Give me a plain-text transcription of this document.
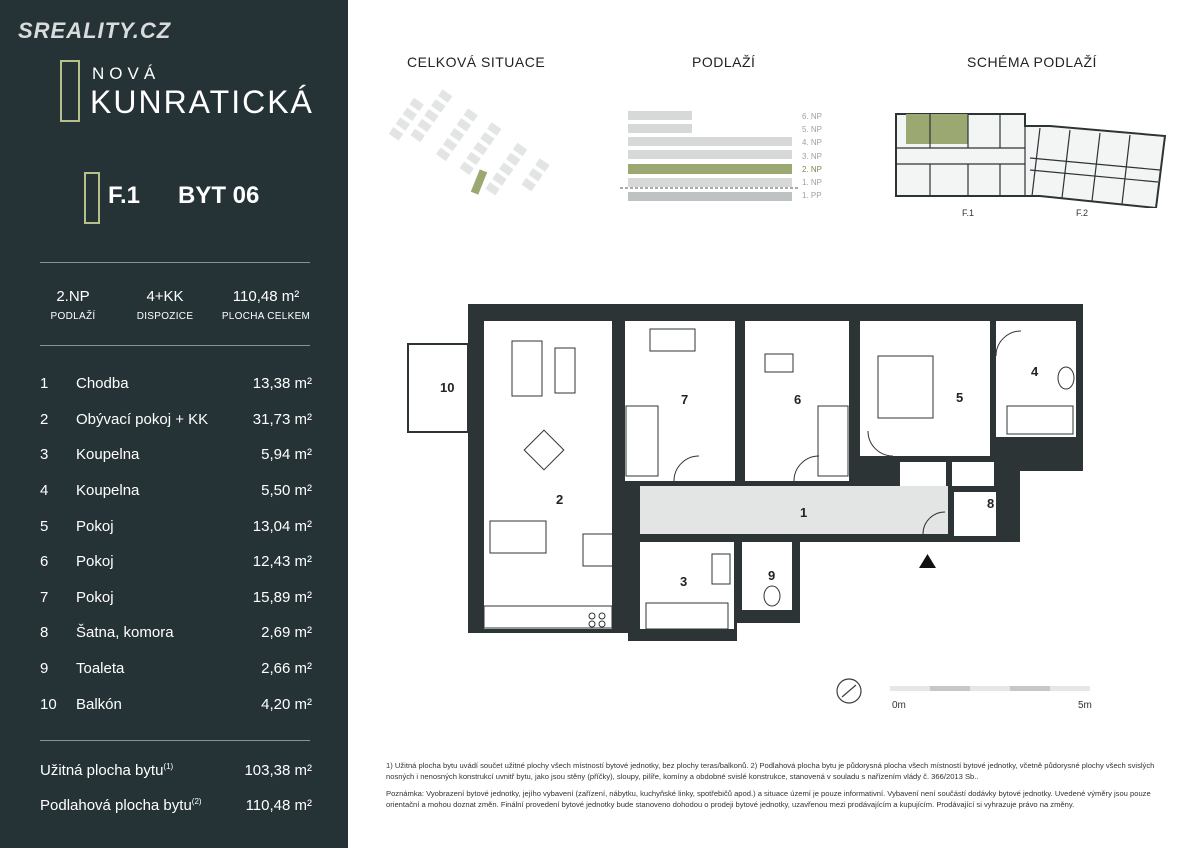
SREALITY.CZ
NOVÁ
KUNRATICKÁ
F.1 BYT 06
2.NP
PODLAŽÍ
4+KK
DISPOZICE
110,48 m²
PLOCHA CELKEM
1	Chodba	13,38 m²
2	Obývací pokoj + KK	31,73 m²
3	Koupelna	5,94 m²
4	Koupelna	5,50 m²
5	Pokoj	13,04 m²
6	Pokoj	12,43 m²
7	Pokoj	15,89 m²
8	Šatna, komora	2,69 m²
9	Toaleta	2,66 m²
10	Balkón	4,20 m²
Užitná plocha bytu$^{(1)}$	103,38 m²
Podlahová plocha bytu$^{(2)}$	110,48 m²
CELKOVÁ SITUACE	PODLAŽÍ	SCHÉMA PODLAŽÍ
6. NP
5. NP
4. NP
3. NP
2. NP
1. NP
1. PP
F.1	F.2
10
2
7	6	5
4
1
8
3	9
0m	5m

1) Užitná plocha bytu uvádí součet užitné plochy všech místností bytové jednotky, bez plochy teras/balkonů. 2) Podlahová plocha bytu je půdorysná plocha všech místností bytové jednotky, včetně půdorysné plochy všech svislých nosných i nenosných konstrukcí uvnitř bytu, jako jsou stěny (příčky), sloupy, pilíře, komíny a obdobné svislé konstrukce, stanovená v souladu s nařízením vlády č. 366/2013 Sb..

Poznámka: Vyobrazení bytové jednotky, jejího vybavení (zařízení, nábytku, kuchyňské linky, spotřebičů apod.) a situace území je pouze informativní. Vybavení není součástí dodávky bytové jednotky. Uvedené výměry jsou pouze orientační a mohou doznat změn. Finální provedení bytové jednotky bude stanoveno dohodou o prodeji bytové jednotky, uzavřenou mezi prodávajícím a kupujícím. Prodávající si vyhrazuje právo na změny.
